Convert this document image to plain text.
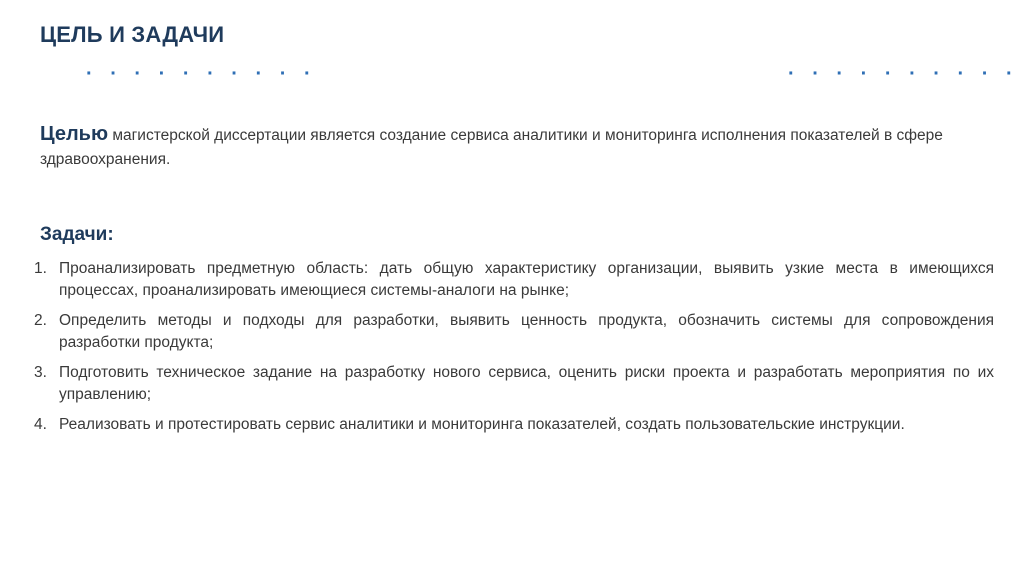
ЦЕЛЬ И ЗАДАЧИ
· · · · · · · · · ·	· · · · · · · · · ·
Целью магистерской диссертации является создание сервиса аналитики и мониторинга исполнения показателей в сфере здравоохранения.
Задачи:
1. Проанализировать предметную область: дать общую характеристику организации, выявить узкие места в имеющихся процессах, проанализировать имеющиеся системы-аналоги на рынке;
2. Определить методы и подходы для разработки, выявить ценность продукта, обозначить системы для сопровождения разработки продукта;
3. Подготовить техническое задание на разработку нового сервиса, оценить риски проекта и разработать мероприятия по их управлению;
4. Реализовать и протестировать сервис аналитики и мониторинга показателей, создать пользовательские инструкции.
